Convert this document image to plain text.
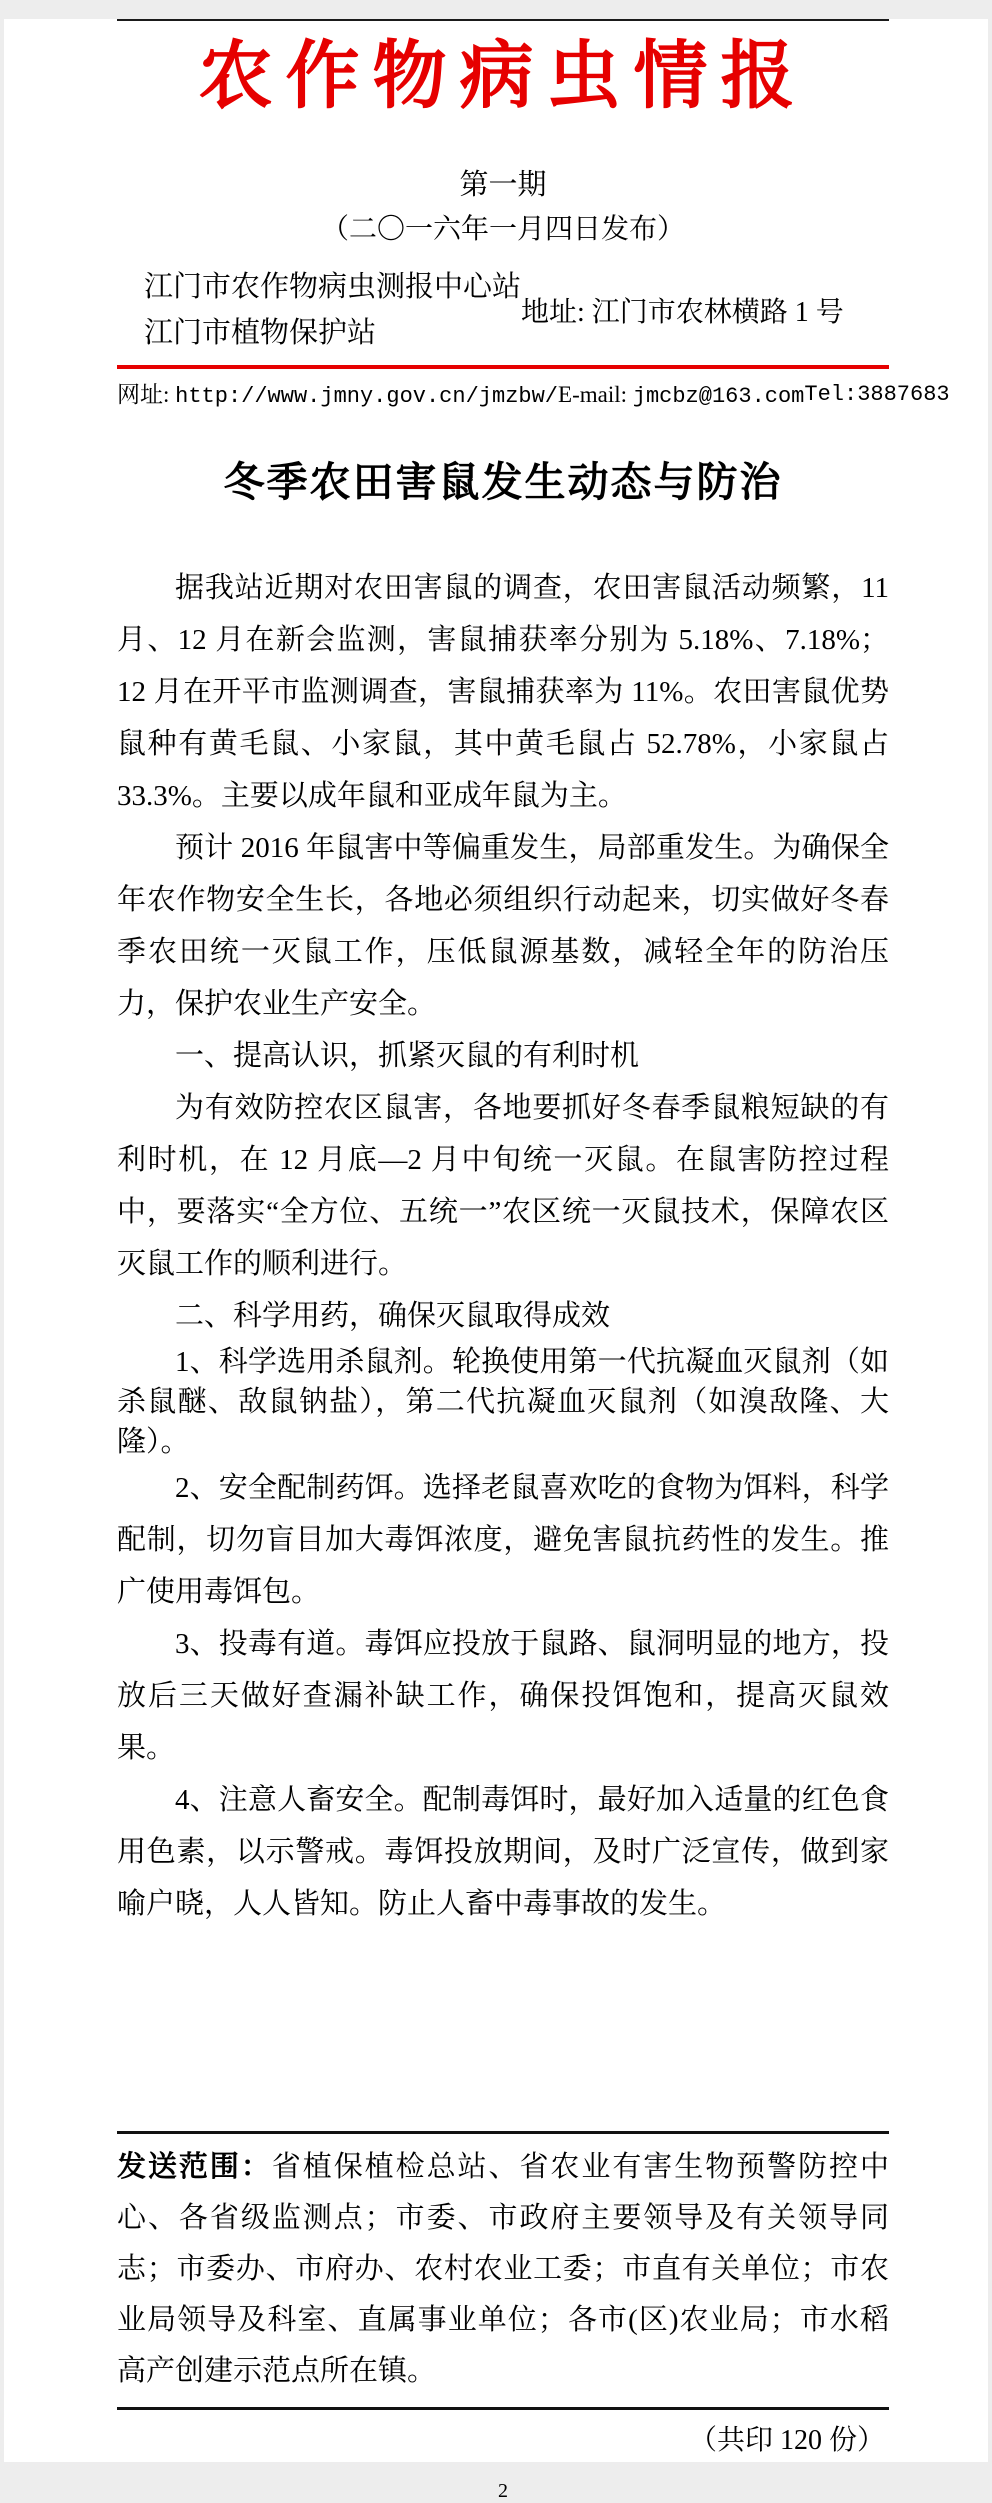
农作物病虫情报
第一期
（二〇一六年一月四日发布）
江门市农作物病虫测报中心站
江门市植物保护站
地址: 江门市农林横路 1 号
网址: http://www.jmny.gov.cn/jmzbw/ E-mail: jmcbz@163.com Tel:3887683
冬季农田害鼠发生动态与防治

据我站近期对农田害鼠的调查，农田害鼠活动频繁，11 月、12 月在新会监测，害鼠捕获率分别为 5.18%、7.18%；12 月在开平市监测调查，害鼠捕获率为 11%。农田害鼠优势鼠种有黄毛鼠、小家鼠，其中黄毛鼠占 52.78%，小家鼠占 33.3%。主要以成年鼠和亚成年鼠为主。

预计 2016 年鼠害中等偏重发生，局部重发生。为确保全年农作物安全生长，各地必须组织行动起来，切实做好冬春季农田统一灭鼠工作，压低鼠源基数，减轻全年的防治压力，保护农业生产安全。

一、提高认识，抓紧灭鼠的有利时机

为有效防控农区鼠害，各地要抓好冬春季鼠粮短缺的有利时机，在 12 月底—2 月中旬统一灭鼠。在鼠害防控过程中，要落实“全方位、五统一”农区统一灭鼠技术，保障农区灭鼠工作的顺利进行。

二、科学用药，确保灭鼠取得成效

1、科学选用杀鼠剂。轮换使用第一代抗凝血灭鼠剂（如杀鼠醚、敌鼠钠盐），第二代抗凝血灭鼠剂（如溴敌隆、大隆）。

2、安全配制药饵。选择老鼠喜欢吃的食物为饵料，科学配制，切勿盲目加大毒饵浓度，避免害鼠抗药性的发生。推广使用毒饵包。

3、投毒有道。毒饵应投放于鼠路、鼠洞明显的地方，投放后三天做好查漏补缺工作，确保投饵饱和，提高灭鼠效果。

4、注意人畜安全。配制毒饵时，最好加入适量的红色食用色素，以示警戒。毒饵投放期间，及时广泛宣传，做到家喻户晓，人人皆知。防止人畜中毒事故的发生。

发送范围：省植保植检总站、省农业有害生物预警防控中心、各省级监测点；市委、市政府主要领导及有关领导同志；市委办、市府办、农村农业工委；市直有关单位；市农业局领导及科室、直属事业单位；各市(区)农业局；市水稻高产创建示范点所在镇。
（共印 120 份）
2
